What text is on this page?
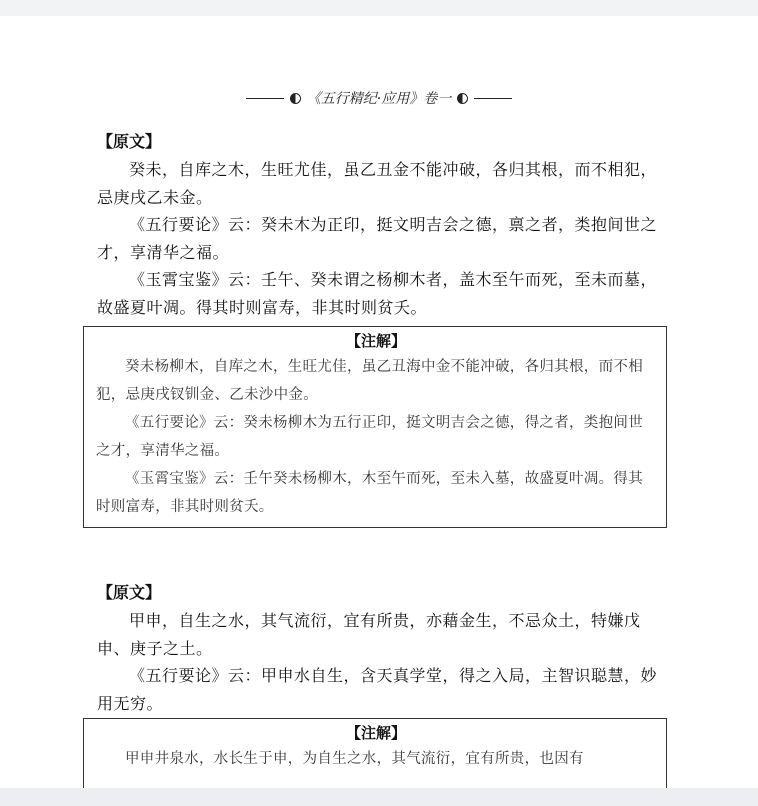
《五行精纪·应用》卷一
【原文】

癸未，自库之木，生旺尤佳，虽乙丑金不能冲破，各归其根，而不相犯，忌庚戌乙未金。

《五行要论》云：癸未木为正印，挺文明吉会之德，禀之者，类抱间世之才，享清华之福。

《玉霄宝鉴》云：壬午、癸未谓之杨柳木者，盖木至午而死，至未而墓，故盛夏叶凋。得其时则富寿，非其时则贫夭。

【注解】

癸未杨柳木，自库之木，生旺尤佳，虽乙丑海中金不能冲破，各归其根，而不相犯，忌庚戌钗钏金、乙未沙中金。

《五行要论》云：癸未杨柳木为五行正印，挺文明吉会之德，得之者，类抱间世之才，享清华之福。

《玉霄宝鉴》云：壬午癸未杨柳木，木至午而死，至未入墓，故盛夏叶凋。得其时则富寿，非其时则贫夭。

【原文】

甲申，自生之水，其气流衍，宜有所贵，亦藉金生，不忌众土，特嫌戊申、庚子之土。

《五行要论》云：甲申水自生，含天真学堂，得之入局，主智识聪慧，妙用无穷。

【注解】

甲申井泉水，水长生于申，为自生之水，其气流衍，宜有所贵，也因有
